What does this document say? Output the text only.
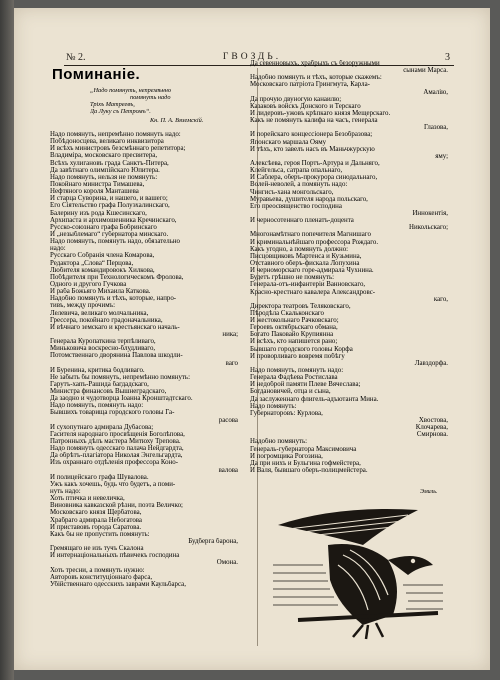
№ 2.	ГВОЗДЬ.	3
Поминаніе.
„Надо помянуть, непремѣнно
помянуть надо
Тріхъ Матреевъ,
Да Луку съ Петромъ“.
Кн. П. А. Вяземскій.
Надо помянуть, непремѣнно помянуть надо:
Побѣдоносцева, великаго инквизитора
И всѣхъ министровъ безсмѣннаго репетитора;
Владиміра, московскаго пресвитера,
Всѣхъ хулигановъ града Санктъ-Питера,
Да завѣтнаго олимпійскаго Юпитера.
Надо помянуть, нельзя не помянуть:
Покойнаго министра Тимашева,
Нефтяного короля Манташева
И старца Суворина, и нашего, и вашего;
Его Сіятельство графа Полуэхалинскаго,
Балерину изъ рода Кшесинскаго,
Архипаста и архимошенника Кречинскаго,
Русско-союзнаго графа Бобринскаго
И „незыблемаго“ губернатора минскаго.
Надо помянуть, помянуть надо, обязательно
надо:
Русскаго Собранія члена Комарова,
Редактора „Слова“ Перцова,
Любителя командировокъ Хилкова,
Побѣдителя при Технологическомъ Фролова,
Одного и другого Гучкова
И раба Божьяго Михаила Каткова.
Надобно помянуть и тѣхъ, которые, напро-
тивъ, между прочимъ:
Лелевича, великаго молчальника,
Грессера, покойнаго градоначальника,
И вѣчнаго земскаго и крестьянскаго началь-
ника;
Генерала Куропаткина терпѣливаго,
Миньковича воскресно-блудливаго,
Потомственнаго дворянина Павлова шкодли-
ваго
И Буренина, критика бодливаго.
Не забыть бы помянуть, непремѣнно помянуть:
Гарутъ-хапъ-Рашида багдадскаго,
Министра финансовъ Вышнеградскаго,
Да заодно и чудотворца Іоанна Кронштадтскаго.
Надо помянуть, помянуть надо:
Бывшихъ товарища городского головы Га-
расова
И сухопутнаго адмирала Дубасова;
Гасителя народнаго просвѣщенія Боголѣпова,
Патронныхъ дѣлъ мастера Митюху Трепова.
Надо помянуть одесскаго палача Нейдгардта,
Да обрѣтъ-плагіатора Николая Энгельгардта,
Изъ охраннаго отдѣленія профессора Коно-
валова
И полицейскаго графа Шувалова.
Ужъ какъ хочешь, будь что будетъ, а поми-
нуть надо:
Хоть птичка и невеличка,
Виновника кавказской рѣзни, поэта Величко;
Московскаго князя Щербатова,
Храбраго адмирала Небогатова
И приставовъ города Саратова.
Какъ бы не пропустить помянуть:
Будберга барона,
Гремящаго не изъ тучъ Скалона
И интернаціональныхъ пѣвичекъ господина
Омона.
Хоть тресни, а помянуть нужно:
Авторовъ конституціоннаго фарса,
Убійственнаго одесскихъ заврами Каульбарса,
Да севенновыхъ, храбрыхъ съ безоружными
сынами Марса.
Надобно помянуть и тѣхъ, которые скажемъ:
Московскаго патріота Грингмута, Карла-
Амалію,
Да прочую двуногую канаилю;
Казаковъ войскъ Донского и Терскаго
И лидеровъ-ужовъ крѣпкаго князя Мещерскаго.
Какъ не помянуть калифа на часъ, генерала
Глазова,
И порейскаго концессіонера Безобразова;
Японскаго маршала Ояму
И тѣхъ, кто завелъ насъ въ Маньчжурскую
яму;
Алексѣева, героя Портъ-Артура и Дальняго,
Клейгельса, сатрапа опальнаго,
И Саблера, оберъ-прокурора синодальнаго,
Волей-неволей, а помянуть надо:
Чингисъ-хана монгольскаго,
Муравьева, душителя народа польскаго,
Его преосвященство господина
Иннокентія,
И черносотеннаго пленатъ-доцента
Никольскаго;
Многонамѣтнаго попечителя Магнишаго
И криминальнѣйшаго профессора Рождаго.
Какъ угодно, а помянуть должно:
Писцовщиковъ Мартенса и Кузьмина,
Отставного оберъ-фискала Лопухина
И черноморскаго горе-адмирала Чухнина.
Будетъ грѣшно не помянуть:
Генерала-отъ-инфантеріи Ванновскаго,
Красно-крестнаго кавалера Александровс-
каго,
Директора театровъ Теляковскаго,
Пѣродѣла Скальконскаго
И жестокольнаго Рачковскаго;
Героевъ октябрьскаго обмана,
Богато Паковайо Крупиянна
И всѣхъ, кто напишется рано;
Бывшаго городского головы Корфа
И проворливаго вовремя побѣгу
Лавздорфа.
Надо помянуть, помянуть надо:
Генерала Фадѣева Ростислава
И недоброй памяти Плеве Вячеслава;
Богдановичей, отца и сына,
Да заслуженнаго флигель-адъютанта Мина.
Надо помянуть:
Губернаторовъ: Курлова,
Хвостова,
Клочарева,
Смирнова.
Надобно помянуть:
Генераль-губернатора Максимовича
И погромщика Рогозина,
Да при нихъ и Бульгина гофмейстера,
И Валя, бывшаго оберъ-полицмейстера.
Эмиль.
